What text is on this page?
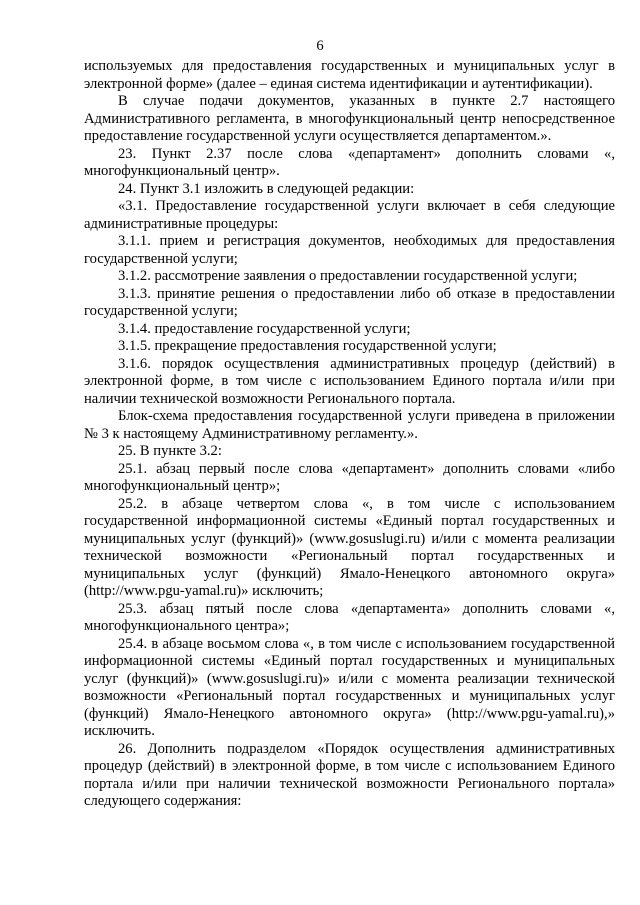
6

используемых для предоставления государственных и муниципальных услуг в электронной форме» (далее – единая система идентификации и аутентификации).

В случае подачи документов, указанных в пункте 2.7 настоящего Административного регламента, в многофункциональный центр непосредственное предоставление государственной услуги осуществляется департаментом.».

23. Пункт 2.37 после слова «департамент» дополнить словами «, многофункциональный центр».

24. Пункт 3.1 изложить в следующей редакции:

«3.1. Предоставление государственной услуги включает в себя следующие административные процедуры:

3.1.1. прием и регистрация документов, необходимых для предоставления государственной услуги;

3.1.2. рассмотрение заявления о предоставлении государственной услуги;

3.1.3. принятие решения о предоставлении либо об отказе в предоставлении государственной услуги;

3.1.4. предоставление государственной услуги;

3.1.5. прекращение предоставления государственной услуги;

3.1.6. порядок осуществления административных процедур (действий) в электронной форме, в том числе с использованием Единого портала и/или при наличии технической возможности Регионального портала.

Блок-схема предоставления государственной услуги приведена в приложении № 3 к настоящему Административному регламенту.».

25. В пункте 3.2:

25.1. абзац первый после слова «департамент» дополнить словами «либо многофункциональный центр»;

25.2. в абзаце четвертом слова «, в том числе с использованием государственной информационной системы «Единый портал государственных и муниципальных услуг (функций)» (www.gosuslugi.ru) и/или с момента реализации технической возможности «Региональный портал государственных и муниципальных услуг (функций) Ямало-Ненецкого автономного округа» (http://www.pgu-yamal.ru)» исключить;

25.3. абзац пятый после слова «департамента» дополнить словами «, многофункционального центра»;

25.4. в абзаце восьмом слова «, в том числе с использованием государственной информационной системы «Единый портал государственных и муниципальных услуг (функций)» (www.gosuslugi.ru)» и/или с момента реализации технической возможности «Региональный портал государственных и муниципальных услуг (функций) Ямало-Ненецкого автономного округа» (http://www.pgu-yamal.ru),» исключить.

26. Дополнить подразделом «Порядок осуществления административных процедур (действий) в электронной форме, в том числе с использованием Единого портала и/или при наличии технической возможности Регионального портала» следующего содержания:
